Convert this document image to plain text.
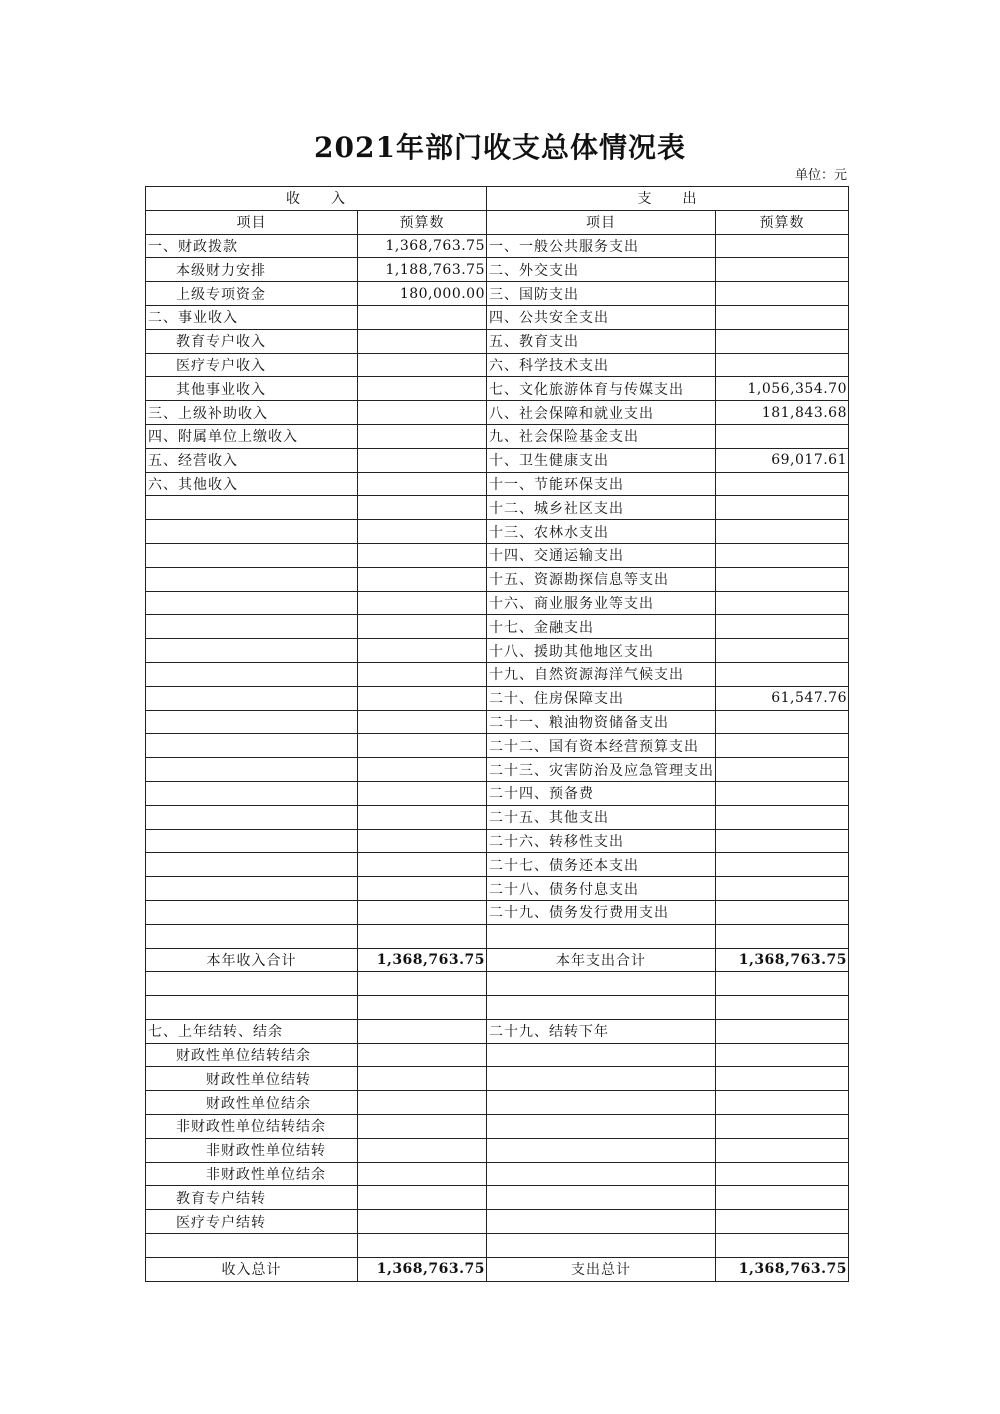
2021年部门收支总体情况表
单位：元
收　　入		支　　出	
项目	预算数	项目	预算数
一、财政拨款	1,368,763.75	一、一般公共服务支出	
本级财力安排	1,188,763.75	二、外交支出	
上级专项资金	180,000.00	三、国防支出	
二、事业收入		四、公共安全支出	
教育专户收入		五、教育支出	
医疗专户收入		六、科学技术支出	
其他事业收入		七、文化旅游体育与传媒支出	1,056,354.70
三、上级补助收入		八、社会保障和就业支出	181,843.68
四、附属单位上缴收入		九、社会保险基金支出	
五、经营收入		十、卫生健康支出	69,017.61
六、其他收入		十一、节能环保支出	
		十二、城乡社区支出	
		十三、农林水支出	
		十四、交通运输支出	
		十五、资源勘探信息等支出	
		十六、商业服务业等支出	
		十七、金融支出	
		十八、援助其他地区支出	
		十九、自然资源海洋气候支出	
		二十、住房保障支出	61,547.76
		二十一、粮油物资储备支出	
		二十二、国有资本经营预算支出	
		二十三、灾害防治及应急管理支出	
		二十四、预备费	
		二十五、其他支出	
		二十六、转移性支出	
		二十七、债务还本支出	
		二十八、债务付息支出	
		二十九、债务发行费用支出	

本年收入合计	1,368,763.75	本年支出合计	1,368,763.75

七、上年结转、结余		二十九、结转下年	
财政性单位结转结余			
财政性单位结转			
财政性单位结余			
非财政性单位结转结余			
非财政性单位结转			
非财政性单位结余			
教育专户结转			
医疗专户结转			

收入总计	1,368,763.75	支出总计	1,368,763.75
